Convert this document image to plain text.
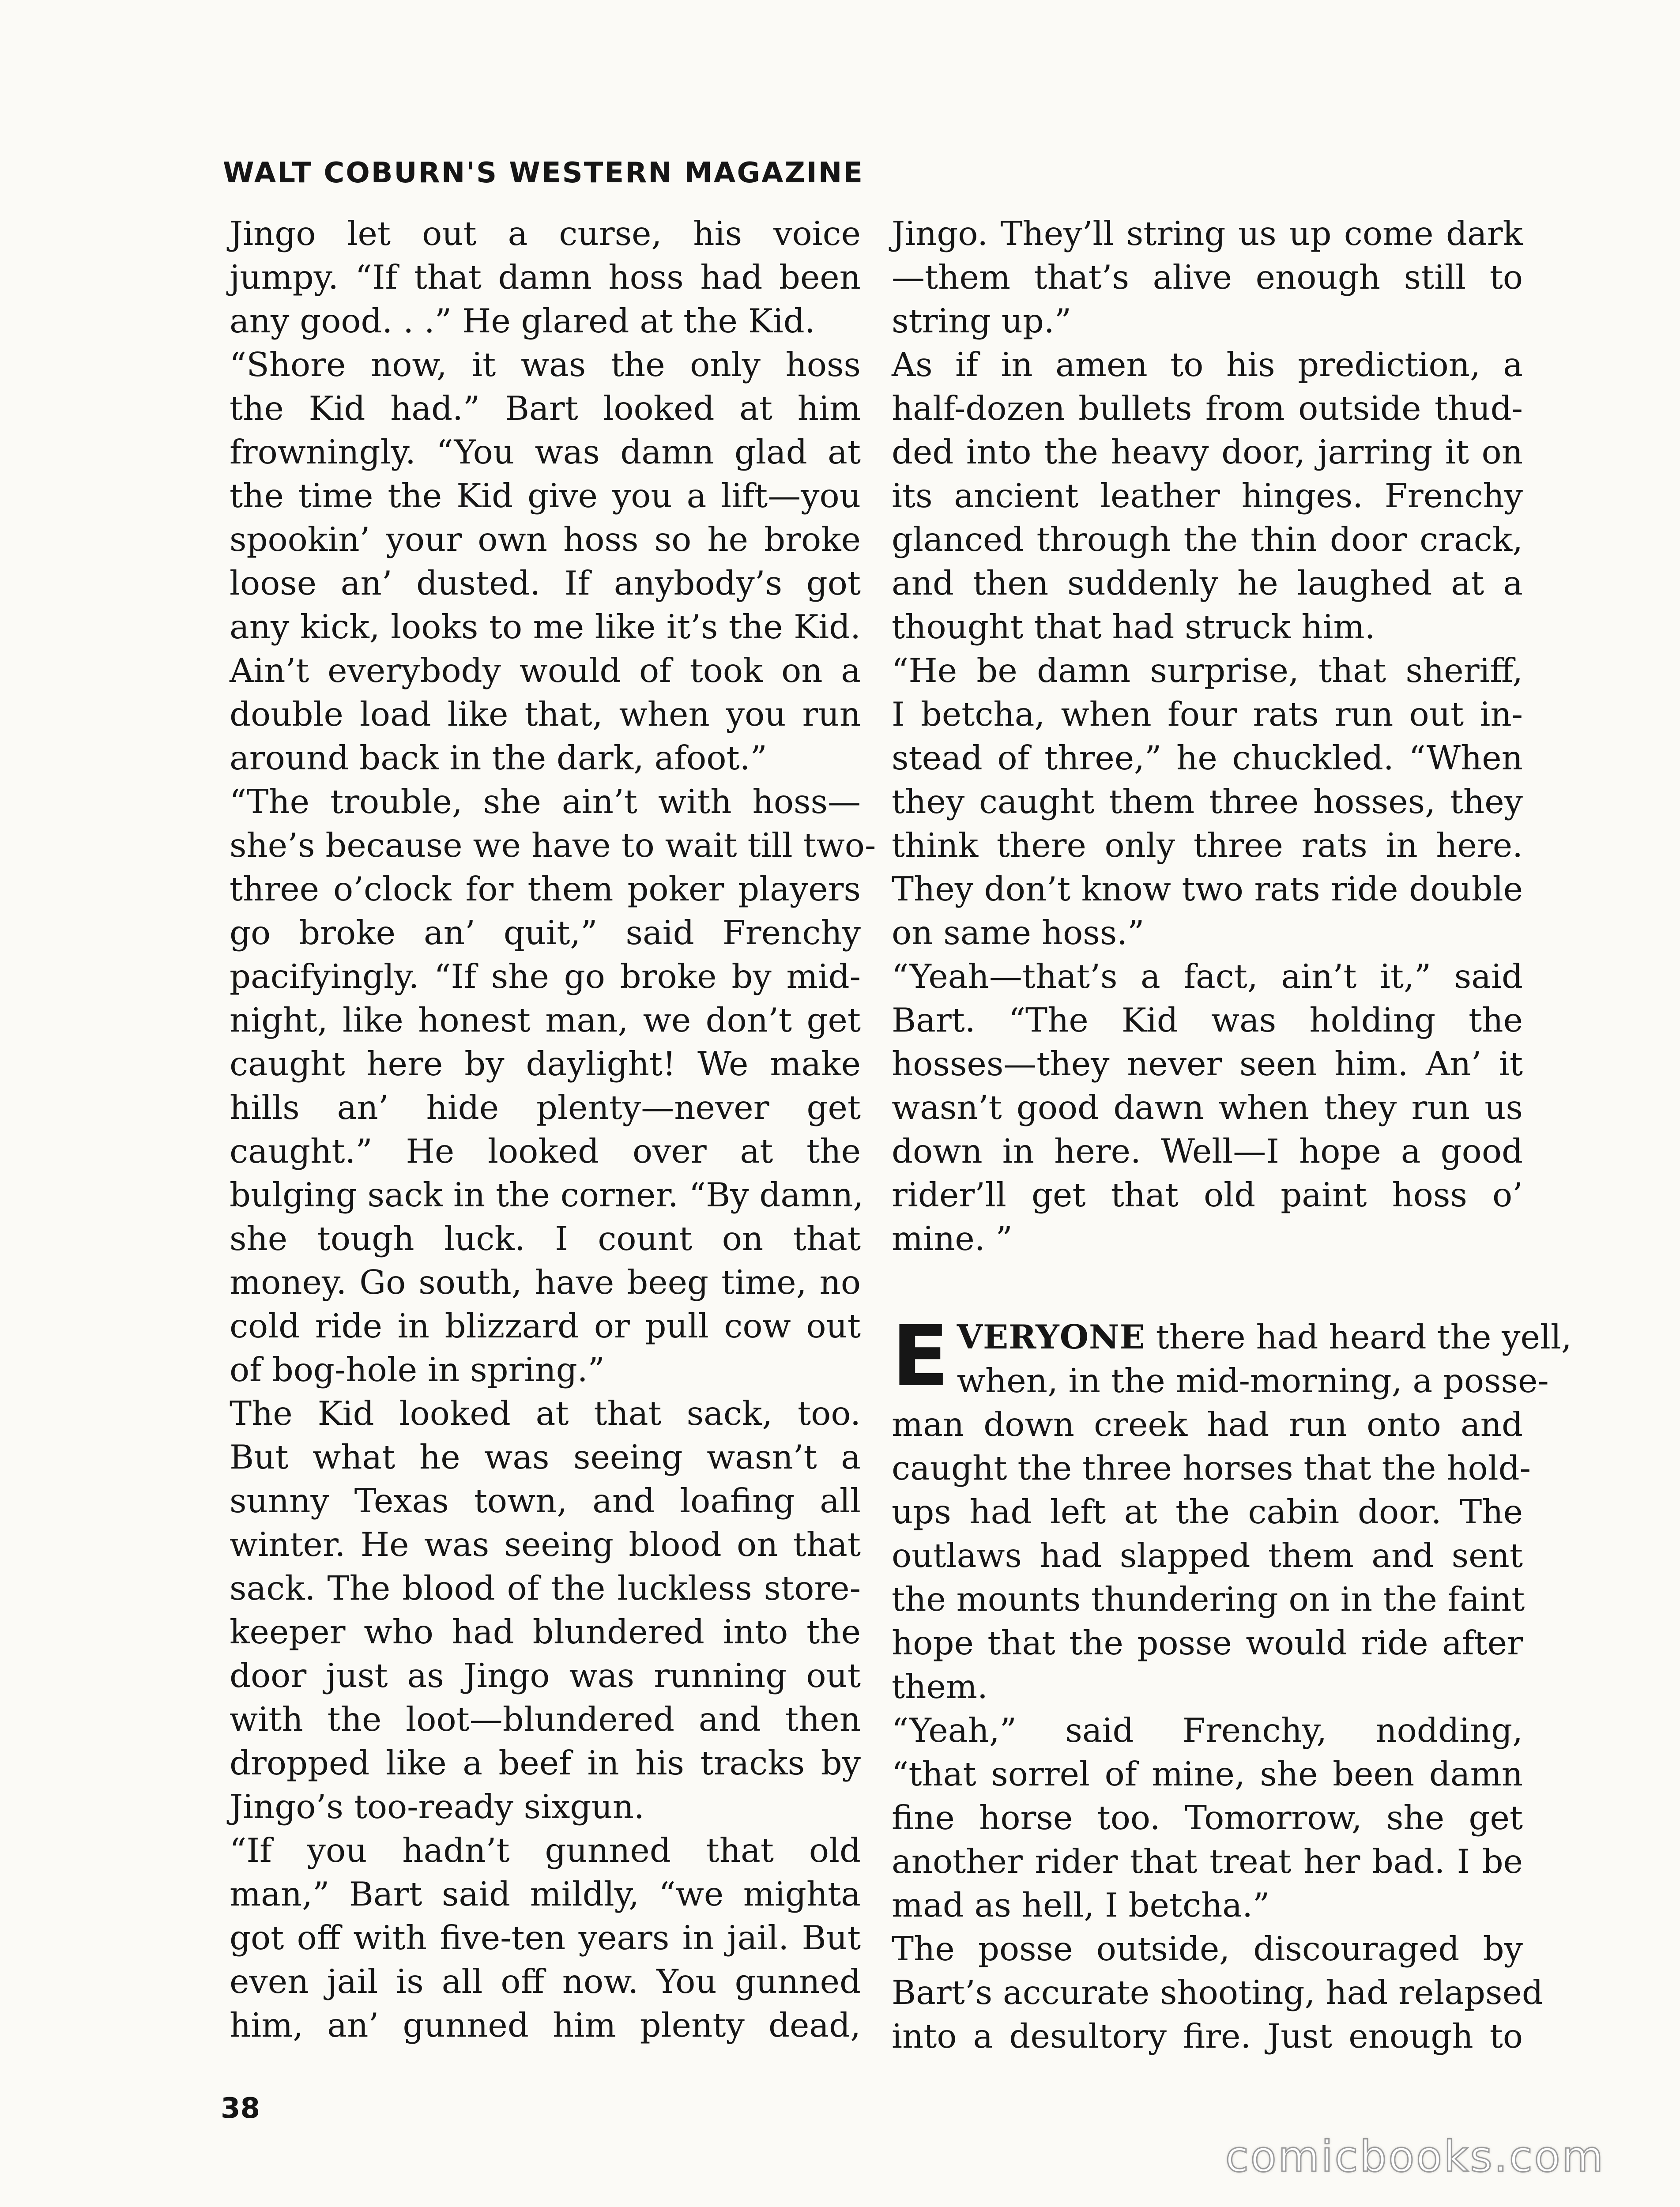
WALT COBURN'S WESTERN MAGAZINE
Jingo let out a curse, his voice
jumpy. “If that damn hoss had been
any good. . .” He glared at the Kid.
“Shore now, it was the only hoss
the Kid had.” Bart looked at him
frowningly. “You was damn glad at
the time the Kid give you a lift—you
spookin’ your own hoss so he broke
loose an’ dusted. If anybody’s got
any kick, looks to me like it’s the Kid.
Ain’t everybody would of took on a
double load like that, when you run
around back in the dark, afoot.”
“The trouble, she ain’t with hoss—
she’s because we have to wait till two-
three o’clock for them poker players
go broke an’ quit,” said Frenchy
pacifyingly. “If she go broke by mid-
night, like honest man, we don’t get
caught here by daylight! We make
hills an’ hide plenty—never get
caught.” He looked over at the
bulging sack in the corner. “By damn,
she tough luck. I count on that
money. Go south, have beeg time, no
cold ride in blizzard or pull cow out
of bog-hole in spring.”
The Kid looked at that sack, too.
But what he was seeing wasn’t a
sunny Texas town, and loafing all
winter. He was seeing blood on that
sack. The blood of the luckless store-
keeper who had blundered into the
door just as Jingo was running out
with the loot—blundered and then
dropped like a beef in his tracks by
Jingo’s too-ready sixgun.
“If you hadn’t gunned that old
man,” Bart said mildly, “we mighta
got off with five-ten years in jail. But
even jail is all off now. You gunned
him, an’ gunned him plenty dead,
Jingo. They’ll string us up come dark
—them that’s alive enough still to
string up.”
As if in amen to his prediction, a
half-dozen bullets from outside thud-
ded into the heavy door, jarring it on
its ancient leather hinges. Frenchy
glanced through the thin door crack,
and then suddenly he laughed at a
thought that had struck him.
“He be damn surprise, that sheriff,
I betcha, when four rats run out in-
stead of three,” he chuckled. “When
they caught them three hosses, they
think there only three rats in here.
They don’t know two rats ride double
on same hoss.”
“Yeah—that’s a fact, ain’t it,” said
Bart. “The Kid was holding the
hosses—they never seen him. An’ it
wasn’t good dawn when they run us
down in here. Well—I hope a good
rider’ll get that old paint hoss o’
mine. ”
E VERYONE there had heard the yell,
when, in the mid-morning, a posse-
man down creek had run onto and
caught the three horses that the hold-
ups had left at the cabin door. The
outlaws had slapped them and sent
the mounts thundering on in the faint
hope that the posse would ride after
them.
“Yeah,” said Frenchy, nodding,
“that sorrel of mine, she been damn
fine horse too. Tomorrow, she get
another rider that treat her bad. I be
mad as hell, I betcha.”
The posse outside, discouraged by
Bart’s accurate shooting, had relapsed
into a desultory fire. Just enough to
38
comicbooks.com
